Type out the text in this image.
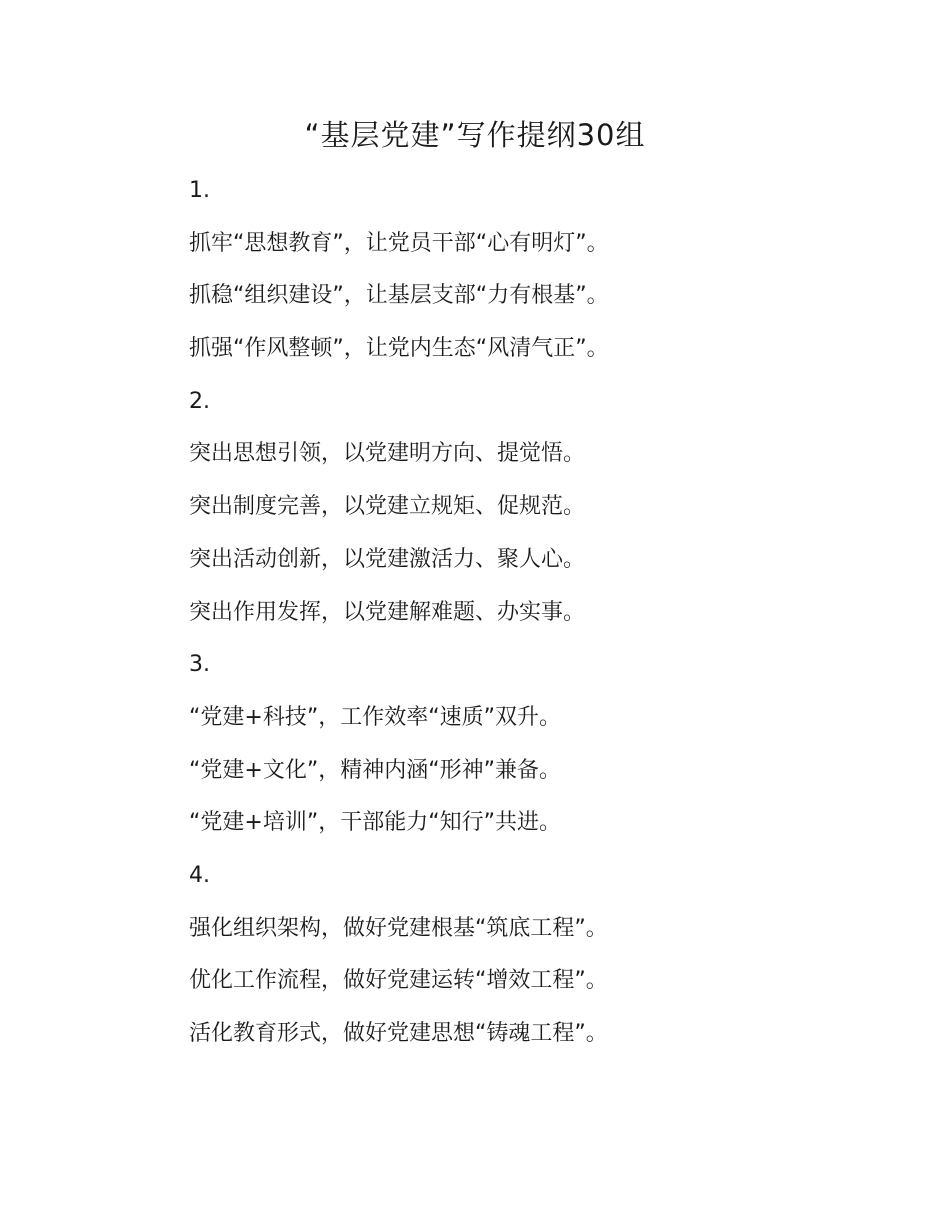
“基层党建”写作提纲30组
1.
抓牢“思想教育”，让党员干部“心有明灯”。
抓稳“组织建设”，让基层支部“力有根基”。
抓强“作风整顿”，让党内生态“风清气正”。
2.
突出思想引领，以党建明方向、提觉悟。
突出制度完善，以党建立规矩、促规范。
突出活动创新，以党建激活力、聚人心。
突出作用发挥，以党建解难题、办实事。
3.
“党建+科技”，工作效率“速质”双升。
“党建+文化”，精神内涵“形神”兼备。
“党建+培训”，干部能力“知行”共进。
4.
强化组织架构，做好党建根基“筑底工程”。
优化工作流程，做好党建运转“增效工程”。
活化教育形式，做好党建思想“铸魂工程”。
